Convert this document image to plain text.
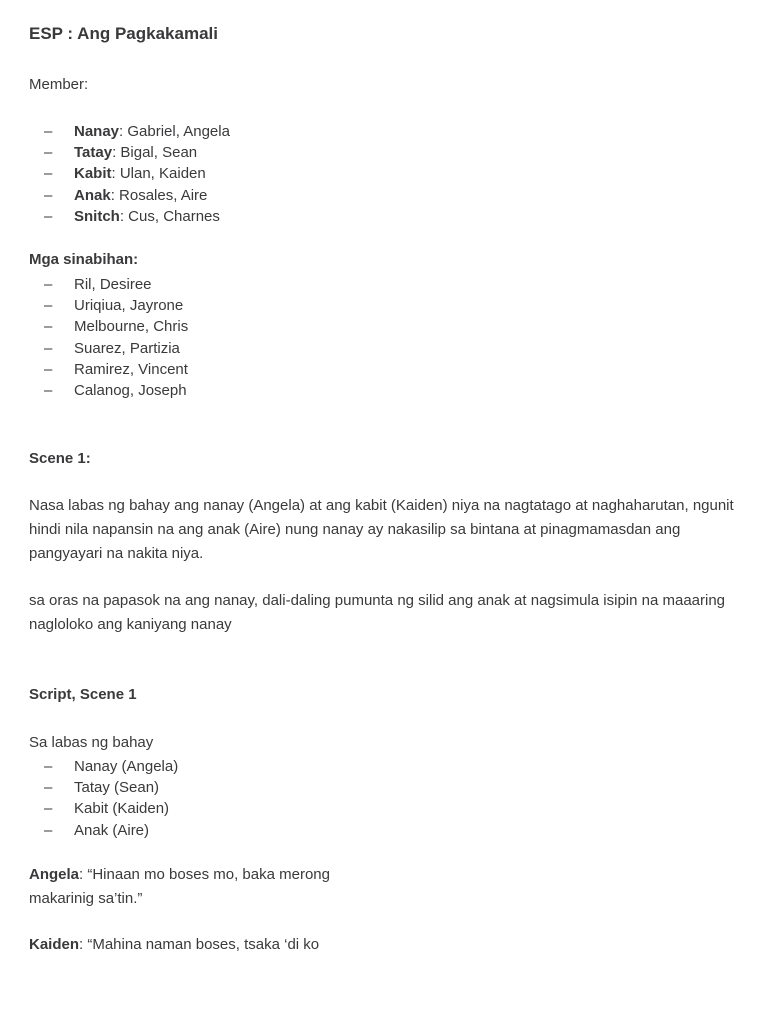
ESP : Ang Pagkakamali
Member:
– Nanay: Gabriel, Angela
– Tatay: Bigal, Sean
– Kabit: Ulan, Kaiden
– Anak: Rosales, Aire
– Snitch: Cus, Charnes
Mga sinabihan:
– Ril, Desiree
– Uriqiua, Jayrone
– Melbourne, Chris
– Suarez, Partizia
– Ramirez, Vincent
– Calanog, Joseph
Scene 1:

Nasa labas ng bahay ang nanay (Angela) at ang kabit (Kaiden) niya na nagtatago at naghaharutan, ngunit hindi nila napansin na ang anak (Aire) nung nanay ay nakasilip sa bintana at pinagmamasdan ang pangyayari na nakita niya.

sa oras na papasok na ang nanay, dali-daling pumunta ng silid ang anak at nagsimula isipin na maaaring nagloloko ang kaniyang nanay

Script, Scene 1
Sa labas ng bahay
– Nanay (Angela)
– Tatay (Sean)
– Kabit (Kaiden)
– Anak (Aire)

Angela: “Hinaan mo boses mo, baka merong makarinig sa’tin.”

Kaiden: “Mahina naman boses, tsaka ‘di ko
